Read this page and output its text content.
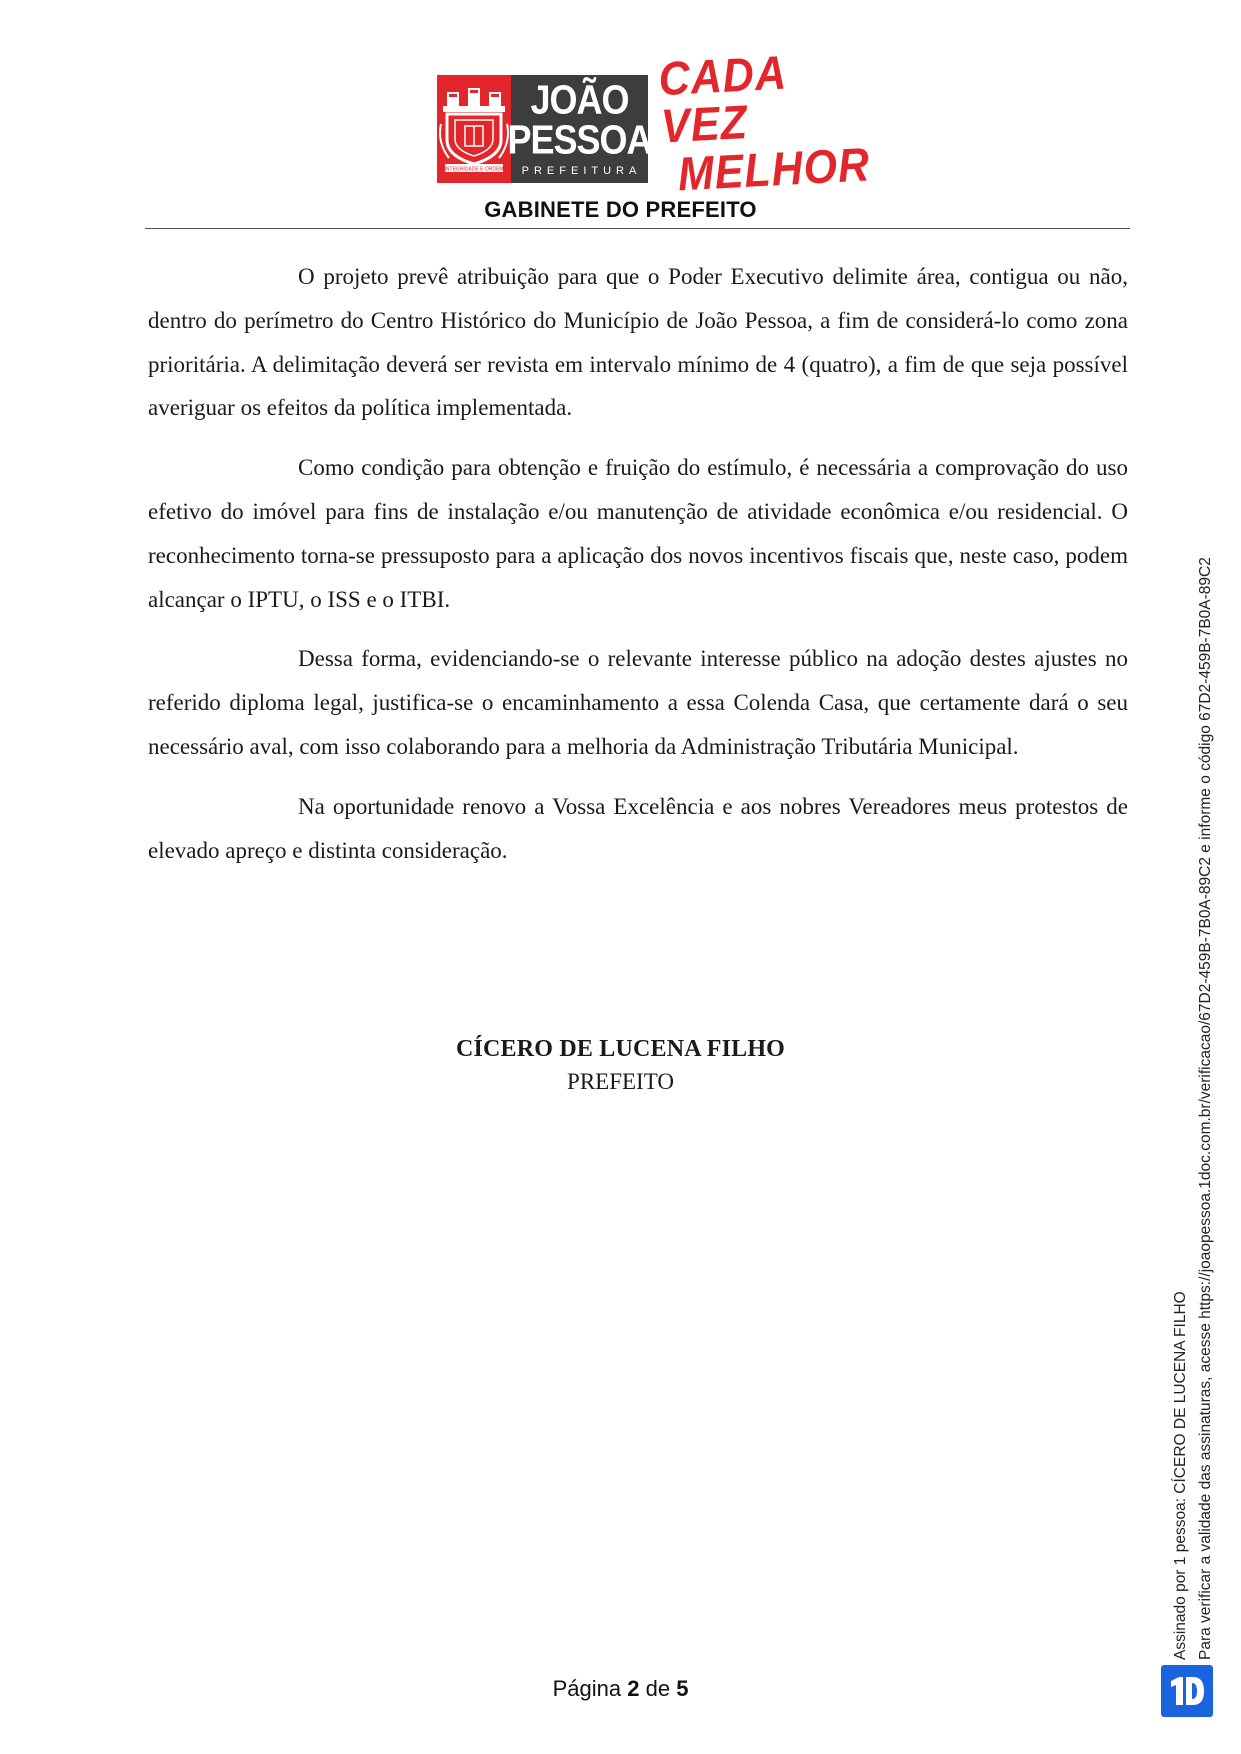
INTEGRIDADE E ORDEM
JOÃO
PESSOA
PREFEITURA
CADA VEZ
MELHOR
GABINETE DO PREFEITO

O projeto prevê atribuição para que o Poder Executivo delimite área, contigua ou não, dentro do perímetro do Centro Histórico do Município de João Pessoa, a fim de considerá-lo como zona prioritária. A delimitação deverá ser revista em intervalo mínimo de 4 (quatro), a fim de que seja possível averiguar os efeitos da política implementada.

Como condição para obtenção e fruição do estímulo, é necessária a comprovação do uso efetivo do imóvel para fins de instalação e/ou manutenção de atividade econômica e/ou residencial. O reconhecimento torna-se pressuposto para a aplicação dos novos incentivos fiscais que, neste caso, podem alcançar o IPTU, o ISS e o ITBI.

Dessa forma, evidenciando-se o relevante interesse público na adoção destes ajustes no referido diploma legal, justifica-se o encaminhamento a essa Colenda Casa, que certamente dará o seu necessário aval, com isso colaborando para a melhoria da Administração Tributária Municipal.

Na oportunidade renovo a Vossa Excelência e aos nobres Vereadores meus protestos de elevado apreço e distinta consideração.

CÍCERO DE LUCENA FILHO
PREFEITO
Página 2 de 5
Assinado por 1 pessoa: CÍCERO DE LUCENA FILHO Para verificar a validade das assinaturas, acesse https://joaopessoa.1doc.com.br/verificacao/67D2-459B-7B0A-89C2 e informe o código 67D2-459B-7B0A-89C2
